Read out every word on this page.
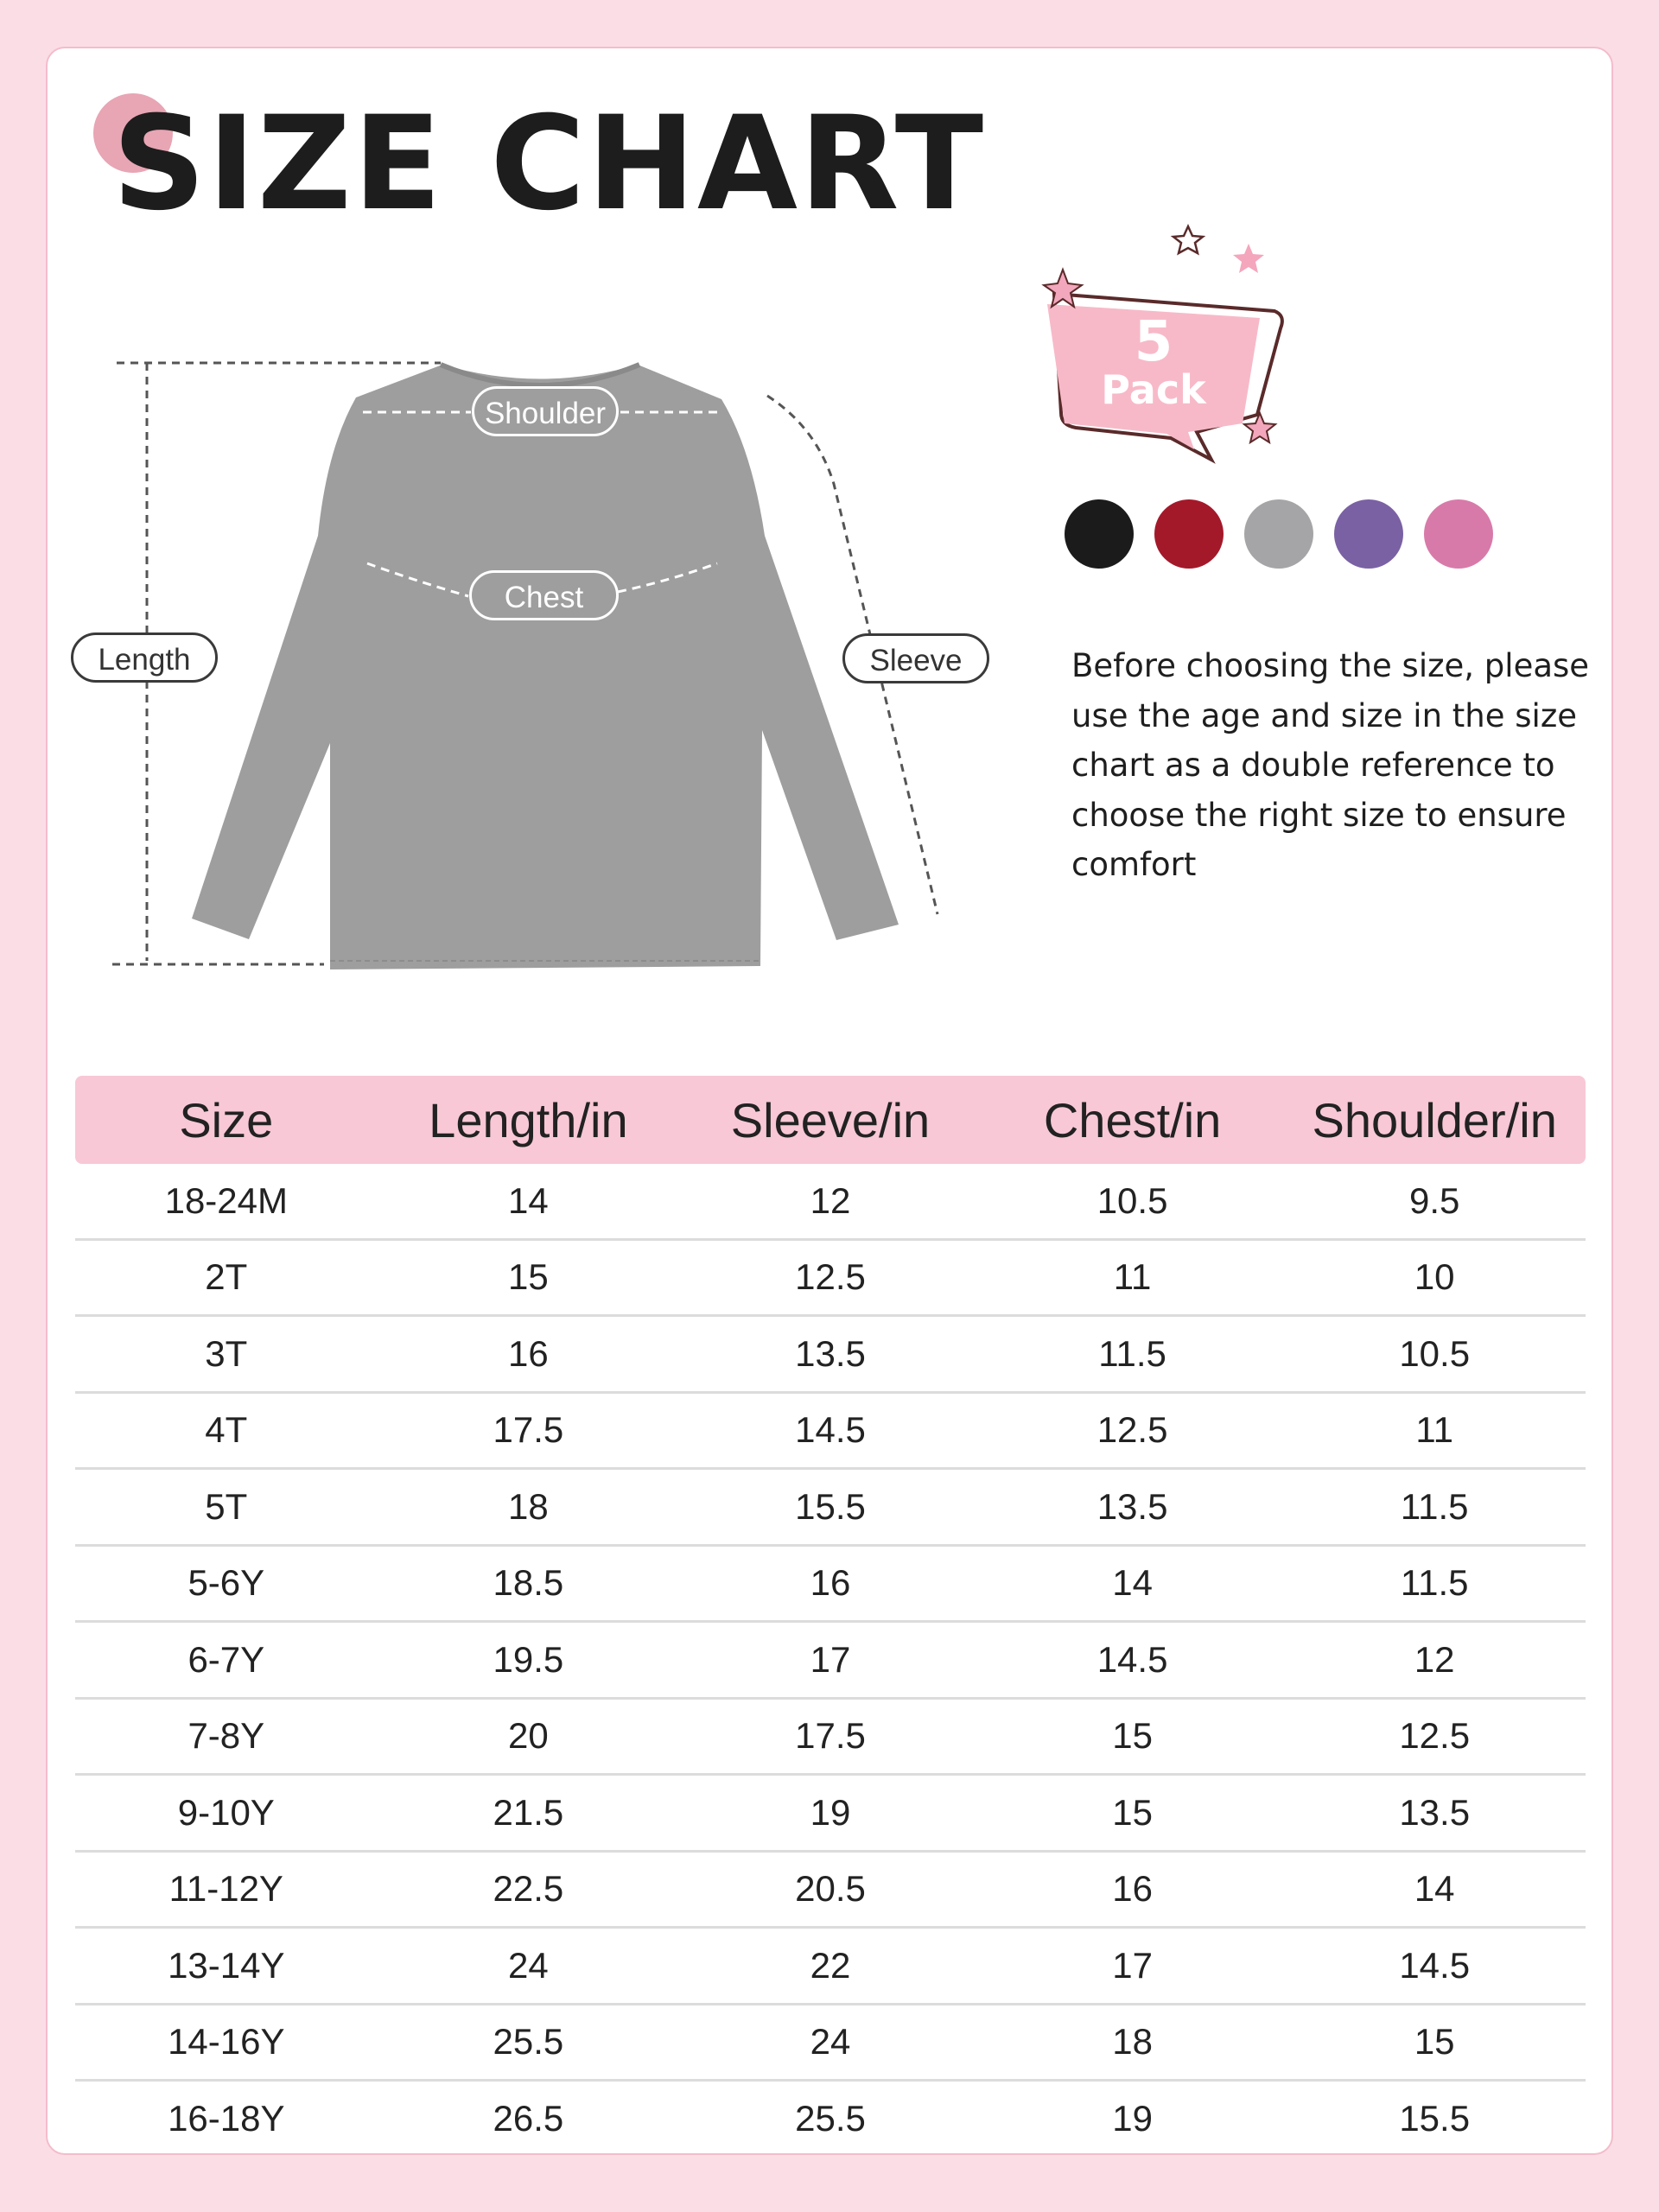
SIZE CHART
Shoulder
Chest
Length	Sleeve
5
Pack

Before choosing the size, please use the age and size in the size chart as a double reference to choose the right size to ensure comfort

Size	Length/in	Sleeve/in	Chest/in	Shoulder/in
18-24M	14	12	10.5	9.5
2T	15	12.5	11	10
3T	16	13.5	11.5	10.5
4T	17.5	14.5	12.5	11
5T	18	15.5	13.5	11.5
5-6Y	18.5	16	14	11.5
6-7Y	19.5	17	14.5	12
7-8Y	20	17.5	15	12.5
9-10Y	21.5	19	15	13.5
11-12Y	22.5	20.5	16	14
13-14Y	24	22	17	14.5
14-16Y	25.5	24	18	15
16-18Y	26.5	25.5	19	15.5
